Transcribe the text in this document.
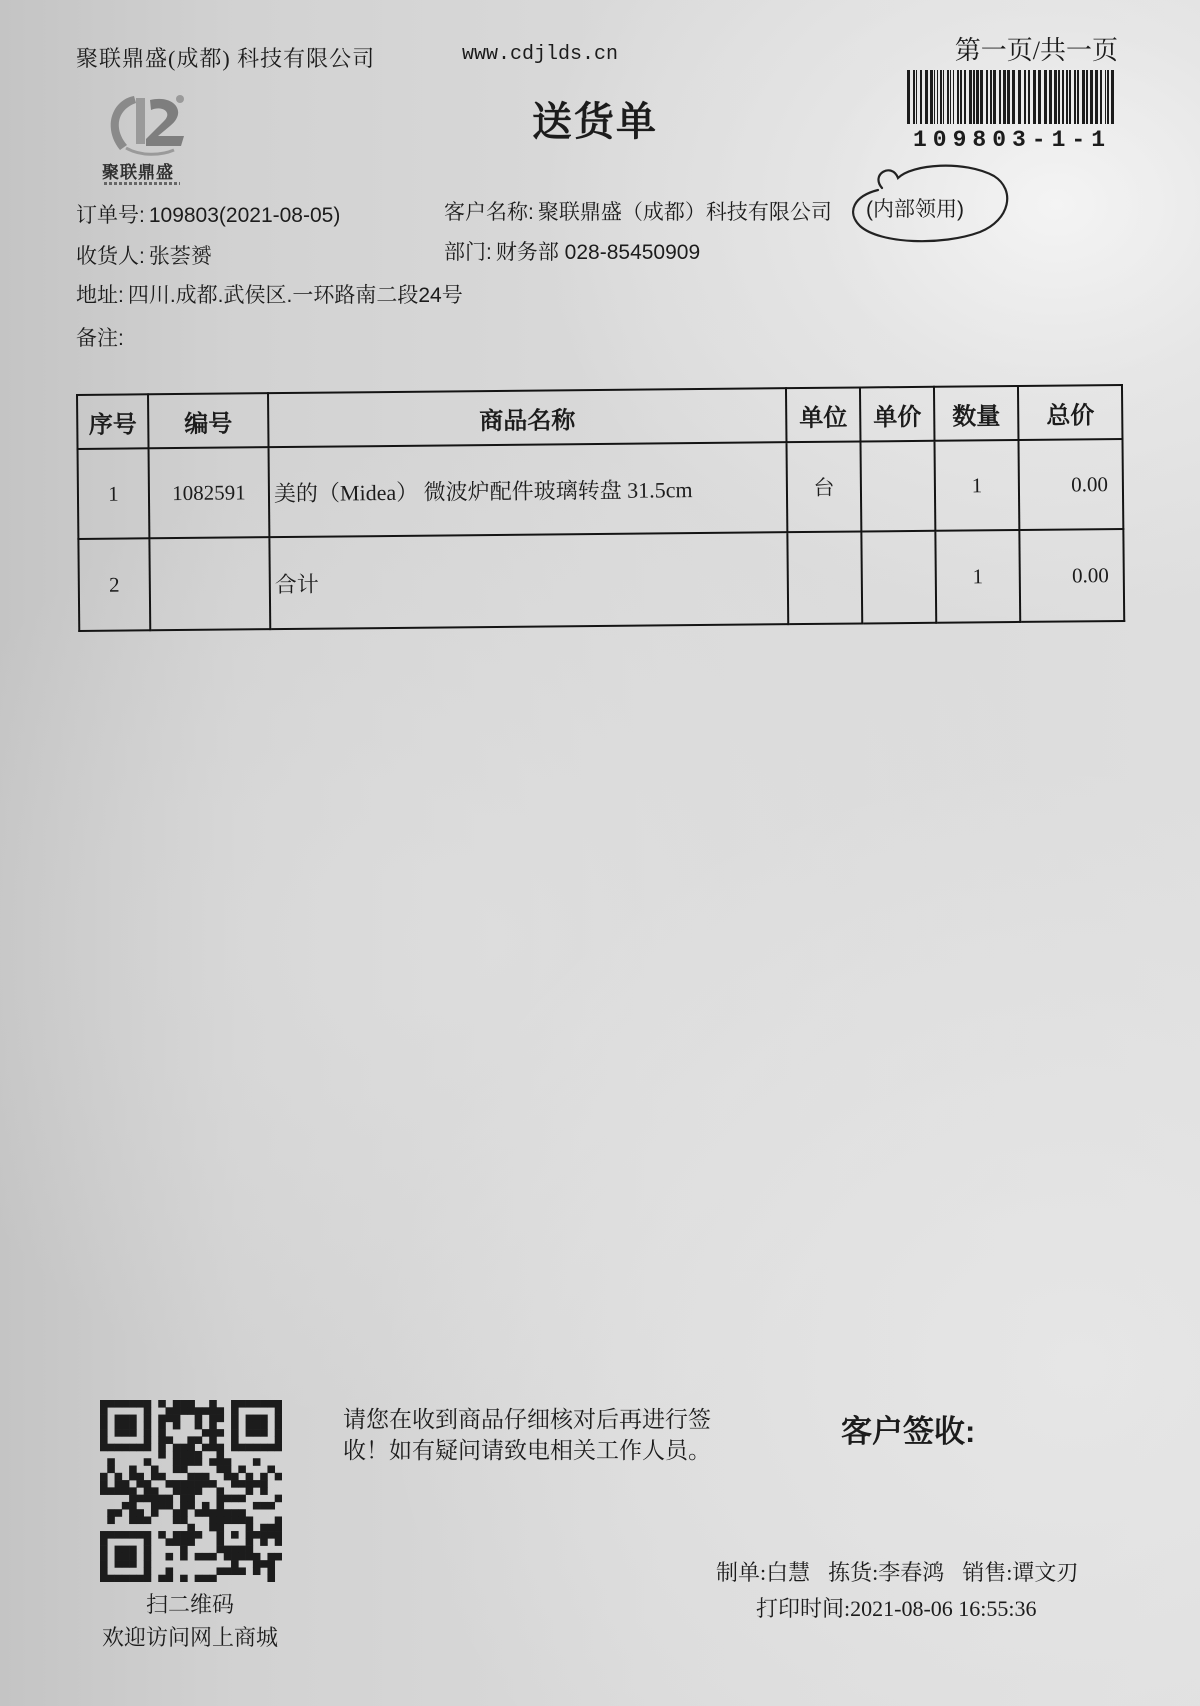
聚联鼎盛(成都) 科技有限公司	www.cdjlds.cn	第一页/共一页
109803-1-1
聚联鼎盛
送货单
订单号: 109803(2021-08-05)	客户名称: 聚联鼎盛（成都）科技有限公司 (内部领用)
收货人: 张荟赟	部门: 财务部 028-85450909
地址: 四川.成都.武侯区.一环路南二段24号
备注:
序号	编号	商品名称	单位	单价	数量	总价
1	1082591	美的（Midea） 微波炉配件玻璃转盘 31.5cm	台		1	0.00
2		合计			1	0.00
扫二维码
欢迎访问网上商城
请您在收到商品仔细核对后再进行签
收！如有疑问请致电相关工作人员。
客户签收:
制单:白慧 拣货:李春鸿 销售:谭文刃
打印时间:2021-08-06 16:55:36
